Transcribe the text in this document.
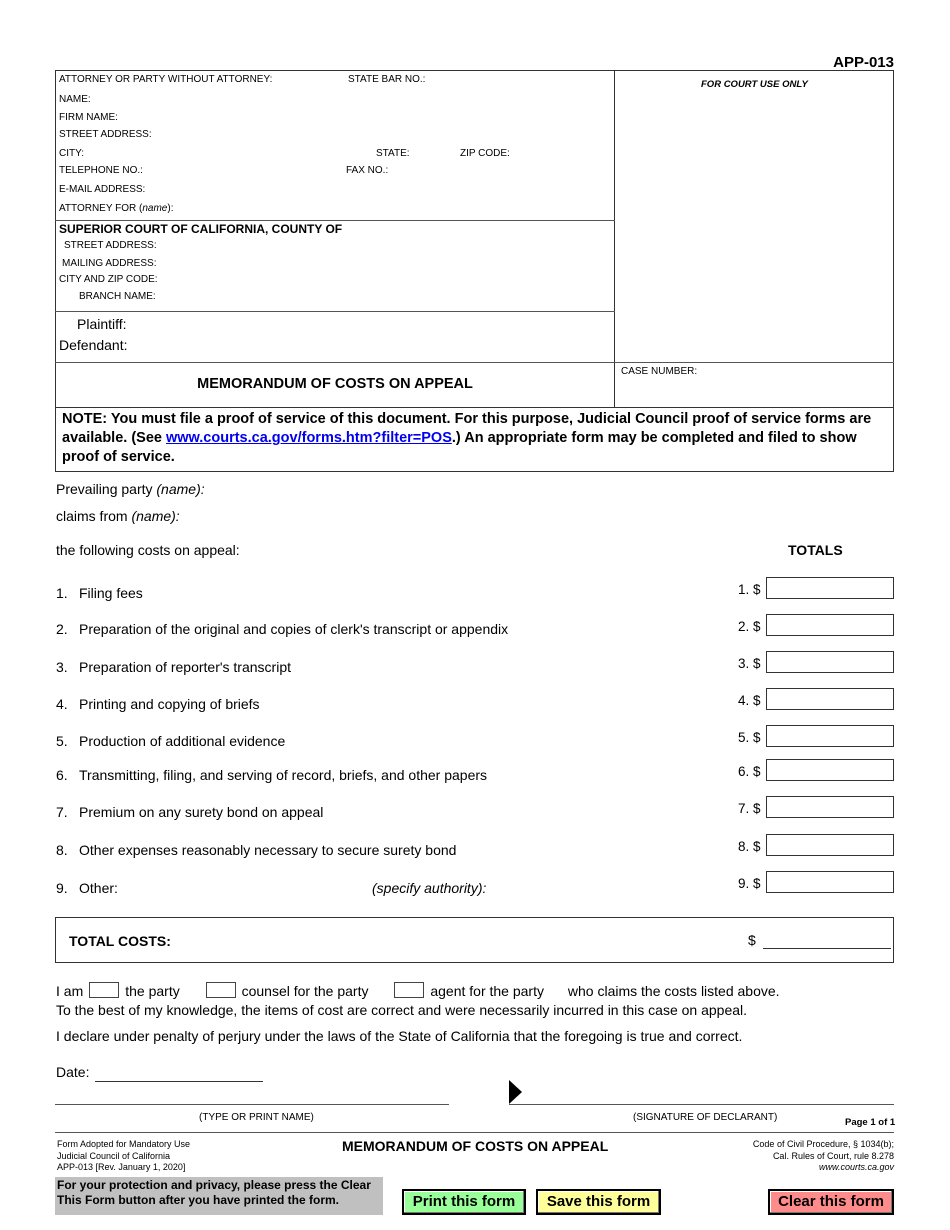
APP-013
ATTORNEY OR PARTY WITHOUT ATTORNEY:	STATE BAR NO.:
NAME:
FIRM NAME:
STREET ADDRESS:
CITY:	STATE:	ZIP CODE:
TELEPHONE NO.:	FAX NO.:
E-MAIL ADDRESS:
ATTORNEY FOR (name):
FOR COURT USE ONLY
SUPERIOR COURT OF CALIFORNIA, COUNTY OF
STREET ADDRESS:
MAILING ADDRESS:
CITY AND ZIP CODE:
BRANCH NAME:
Plaintiff:
Defendant:
MEMORANDUM OF COSTS ON APPEAL
CASE NUMBER:
NOTE: You must file a proof of service of this document. For this purpose, Judicial Council proof of service forms are available. (See www.courts.ca.gov/forms.htm?filter=POS.) An appropriate form may be completed and filed to show proof of service.
Prevailing party (name):
claims from (name):
the following costs on appeal:	TOTALS
1. Filing fees	1. $
2. Preparation of the original and copies of clerk's transcript or appendix	2. $
3. Preparation of reporter's transcript	3. $
4. Printing and copying of briefs	4. $
5. Production of additional evidence	5. $
6. Transmitting, filing, and serving of record, briefs, and other papers	6. $
7. Premium on any surety bond on appeal	7. $
8. Other expenses reasonably necessary to secure surety bond	8. $
9. Other:	(specify authority):	9. $
TOTAL COSTS:	$
I am	the party	counsel for the party	agent for the party who claims the costs listed above.
To the best of my knowledge, the items of cost are correct and were necessarily incurred in this case on appeal.
I declare under penalty of perjury under the laws of the State of California that the foregoing is true and correct.
Date:
(TYPE OR PRINT NAME)	(SIGNATURE OF DECLARANT)	Page 1 of 1
Form Adopted for Mandatory Use
Judicial Council of California
APP-013 [Rev. January 1, 2020]
MEMORANDUM OF COSTS ON APPEAL	Code of Civil Procedure, § 1034(b);
Cal. Rules of Court, rule 8.278
www.courts.ca.gov
For your protection and privacy, please press the Clear This Form button after you have printed the form.	Print this form	Save this form	Clear this form
